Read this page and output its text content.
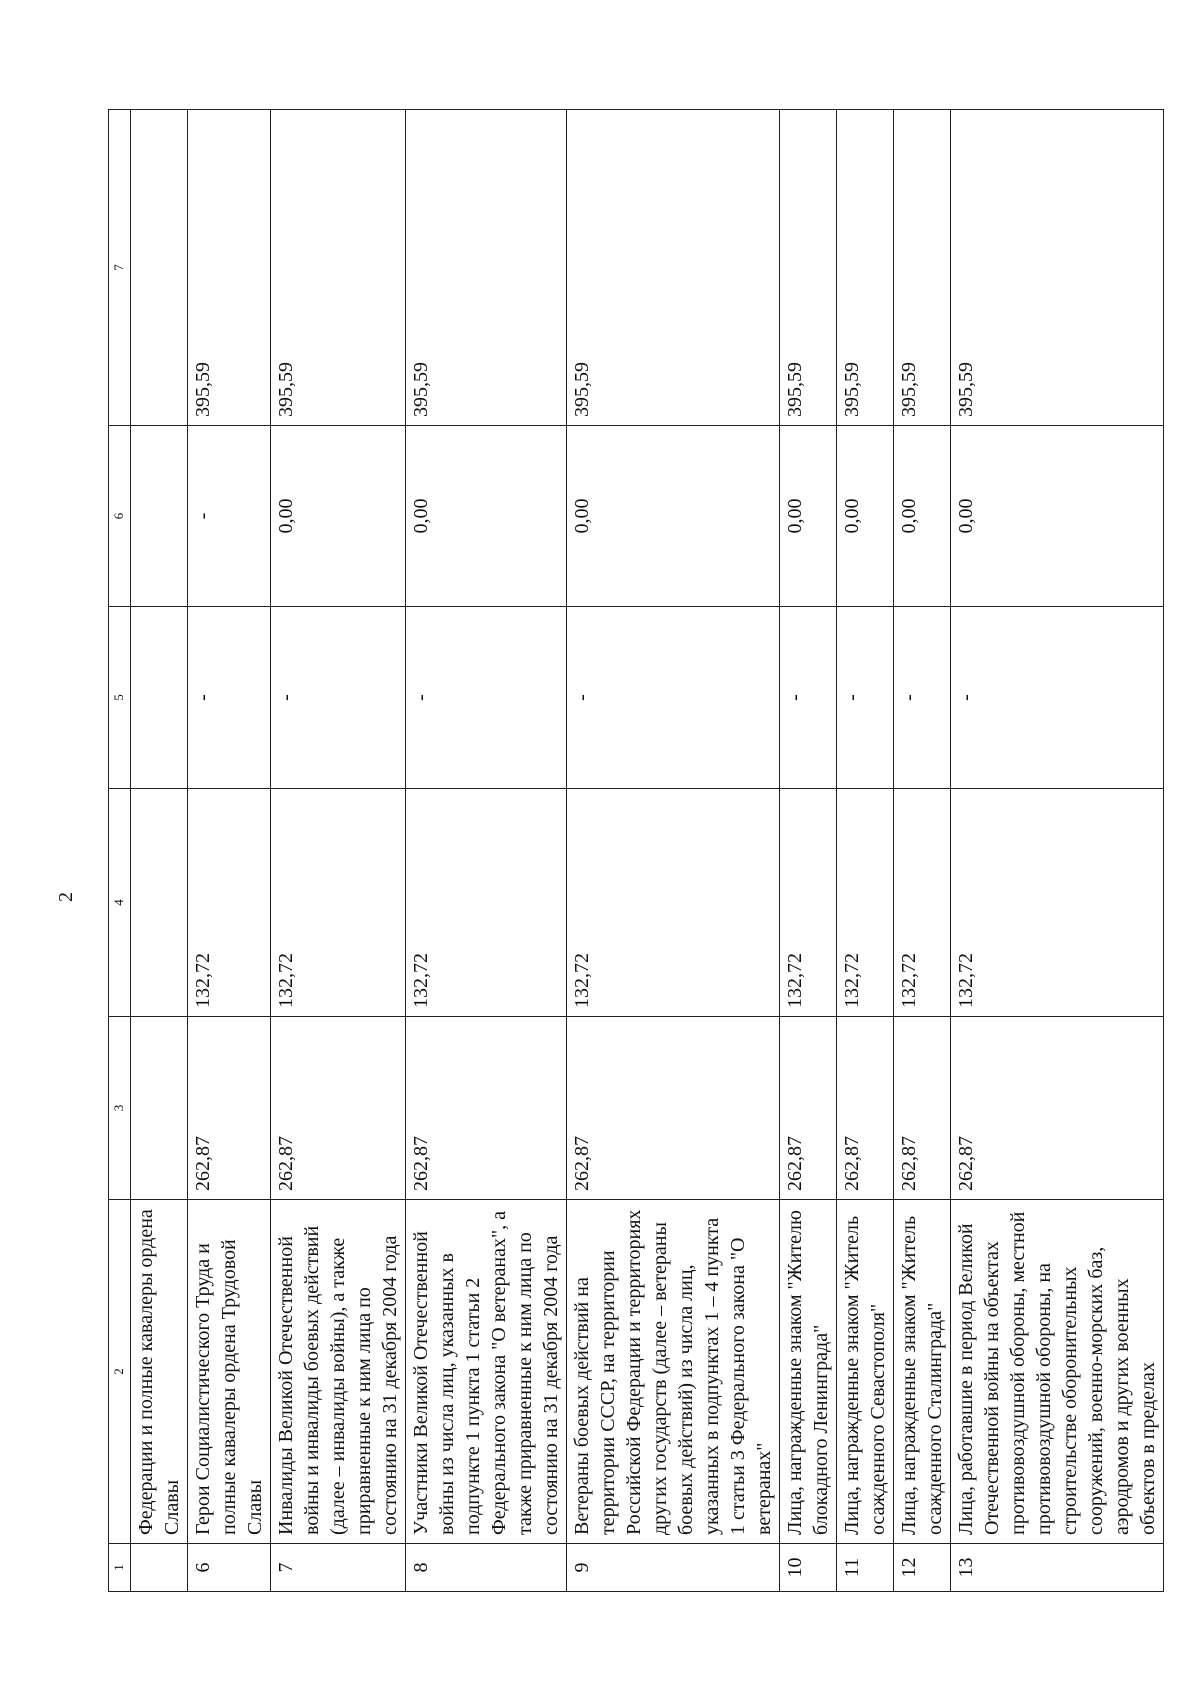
2
1	2	3	4	5	6	7
	Федерации и полные кавалеры ордена Славы					
6	Герои Социалистического Труда и полные кавалеры ордена Трудовой Славы	262,87	132,72	-	-	395,59
7	Инвалиды Великой Отечественной войны и инвалиды боевых действий (далее – инвалиды войны), а также приравненные к ним лица по состоянию на 31 декабря 2004 года	262,87	132,72	-	0,00	395,59
8	Участники Великой Отечественной войны из числа лиц, указанных в подпункте 1 пункта 1 статьи 2 Федерального закона "О ветеранах", а также приравненные к ним лица по состоянию на 31 декабря 2004 года	262,87	132,72	-	0,00	395,59
9	Ветераны боевых действий на территории СССР, на территории Российской Федерации и территориях других государств (далее – ветераны боевых действий) из числа лиц, указанных в подпунктах 1 – 4 пункта 1 статьи 3 Федерального закона "О ветеранах"	262,87	132,72	-	0,00	395,59
10	Лица, награжденные знаком "Жителю блокадного Ленинграда"	262,87	132,72	-	0,00	395,59
11	Лица, награжденные знаком "Житель осажденного Севастополя"	262,87	132,72	-	0,00	395,59
12	Лица, награжденные знаком "Житель осажденного Сталинграда"	262,87	132,72	-	0,00	395,59
13	Лица, работавшие в период Великой Отечественной войны на объектах противовоздушной обороны, местной противовоздушной обороны, на строительстве оборонительных сооружений, военно-морских баз, аэродромов и других военных объектов в пределах	262,87	132,72	-	0,00	395,59
